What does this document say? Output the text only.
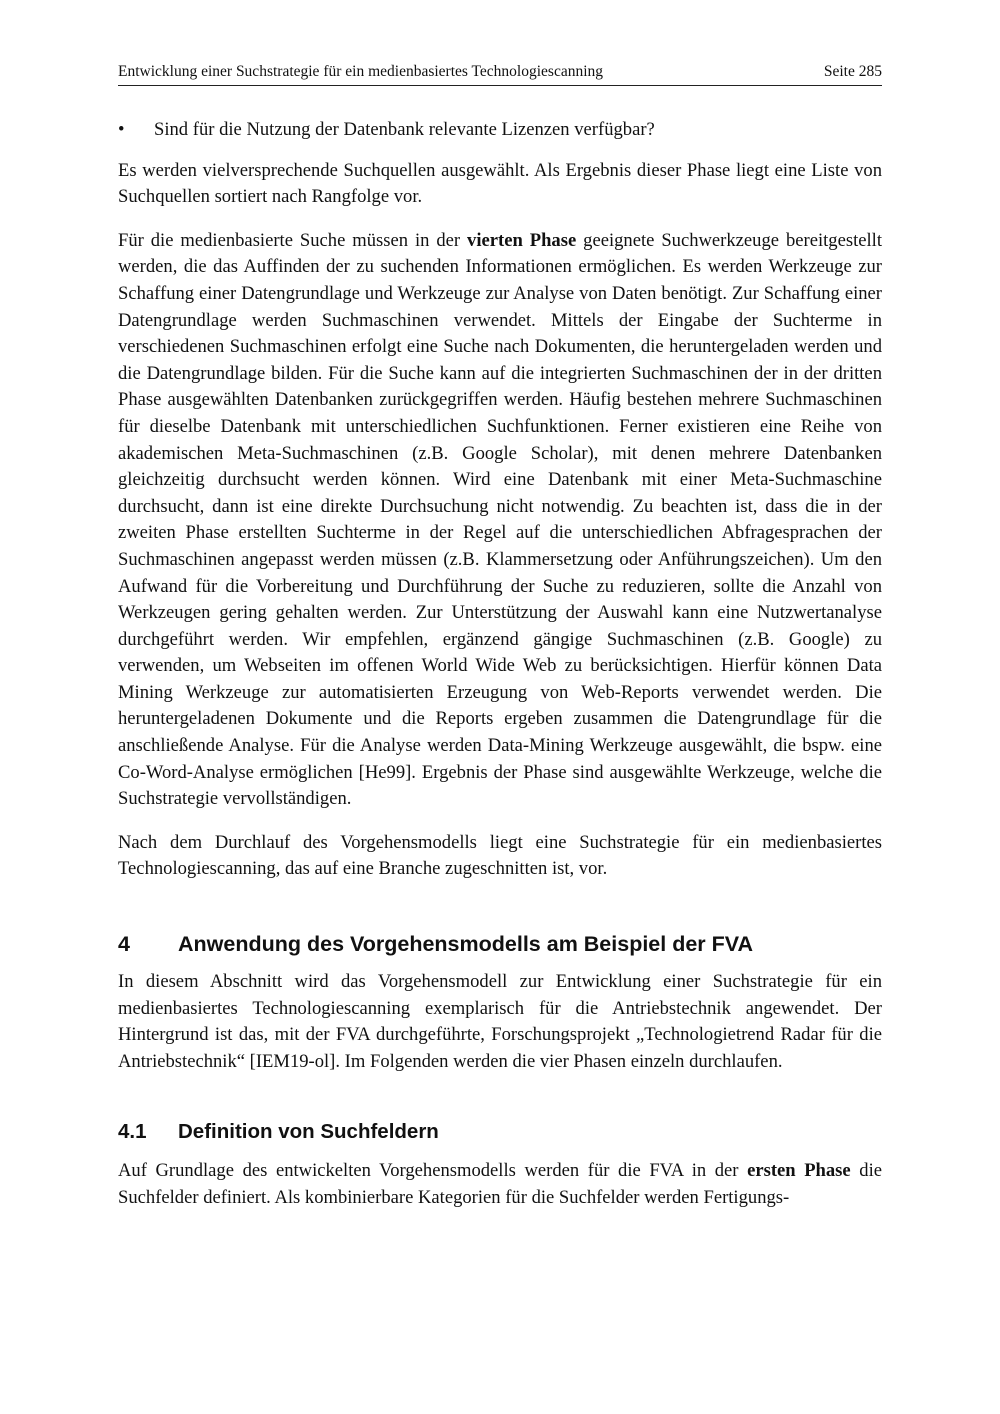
Entwicklung einer Suchstrategie für ein medienbasiertes Technologiescanning	Seite 285
•	Sind für die Nutzung der Datenbank relevante Lizenzen verfügbar?

Es werden vielversprechende Suchquellen ausgewählt. Als Ergebnis dieser Phase liegt eine Liste von Suchquellen sortiert nach Rangfolge vor.

Für die medienbasierte Suche müssen in der vierten Phase geeignete Suchwerkzeuge bereitgestellt werden, die das Auffinden der zu suchenden Informationen ermöglichen. Es werden Werkzeuge zur Schaffung einer Datengrundlage und Werkzeuge zur Analyse von Daten benötigt. Zur Schaffung einer Datengrundlage werden Suchmaschinen verwendet. Mittels der Eingabe der Suchterme in verschiedenen Suchmaschinen erfolgt eine Suche nach Dokumenten, die heruntergeladen werden und die Datengrundlage bilden. Für die Suche kann auf die integrierten Suchmaschinen der in der dritten Phase ausgewählten Datenbanken zurückgegriffen werden. Häufig bestehen mehrere Suchmaschinen für dieselbe Datenbank mit unterschiedlichen Suchfunktionen. Ferner existieren eine Reihe von akademischen Meta-Suchmaschinen (z.B. Google Scholar), mit denen mehrere Datenbanken gleichzeitig durchsucht werden können. Wird eine Datenbank mit einer Meta-Suchmaschine durchsucht, dann ist eine direkte Durchsuchung nicht notwendig. Zu beachten ist, dass die in der zweiten Phase erstellten Suchterme in der Regel auf die unterschiedlichen Abfragesprachen der Suchmaschinen angepasst werden müssen (z.B. Klammersetzung oder Anführungszeichen). Um den Aufwand für die Vorbereitung und Durchführung der Suche zu reduzieren, sollte die Anzahl von Werkzeugen gering gehalten werden. Zur Unterstützung der Auswahl kann eine Nutzwertanalyse durchgeführt werden. Wir empfehlen, ergänzend gängige Suchmaschinen (z.B. Google) zu verwenden, um Webseiten im offenen World Wide Web zu berücksichtigen. Hierfür können Data Mining Werkzeuge zur automatisierten Erzeugung von Web-Reports verwendet werden. Die heruntergeladenen Dokumente und die Reports ergeben zusammen die Datengrundlage für die anschließende Analyse. Für die Analyse werden Data-Mining Werkzeuge ausgewählt, die bspw. eine Co-Word-Analyse ermöglichen [He99]. Ergebnis der Phase sind ausgewählte Werkzeuge, welche die Suchstrategie vervollständigen.

Nach dem Durchlauf des Vorgehensmodells liegt eine Suchstrategie für ein medienbasiertes Technologiescanning, das auf eine Branche zugeschnitten ist, vor.

4	Anwendung des Vorgehensmodells am Beispiel der FVA

In diesem Abschnitt wird das Vorgehensmodell zur Entwicklung einer Suchstrategie für ein medienbasiertes Technologiescanning exemplarisch für die Antriebstechnik angewendet. Der Hintergrund ist das, mit der FVA durchgeführte, Forschungsprojekt „Technologietrend Radar für die Antriebstechnik“ [IEM19-ol]. Im Folgenden werden die vier Phasen einzeln durchlaufen.

4.1	Definition von Suchfeldern

Auf Grundlage des entwickelten Vorgehensmodells werden für die FVA in der ersten Phase die Suchfelder definiert. Als kombinierbare Kategorien für die Suchfelder werden Fertigungs-
